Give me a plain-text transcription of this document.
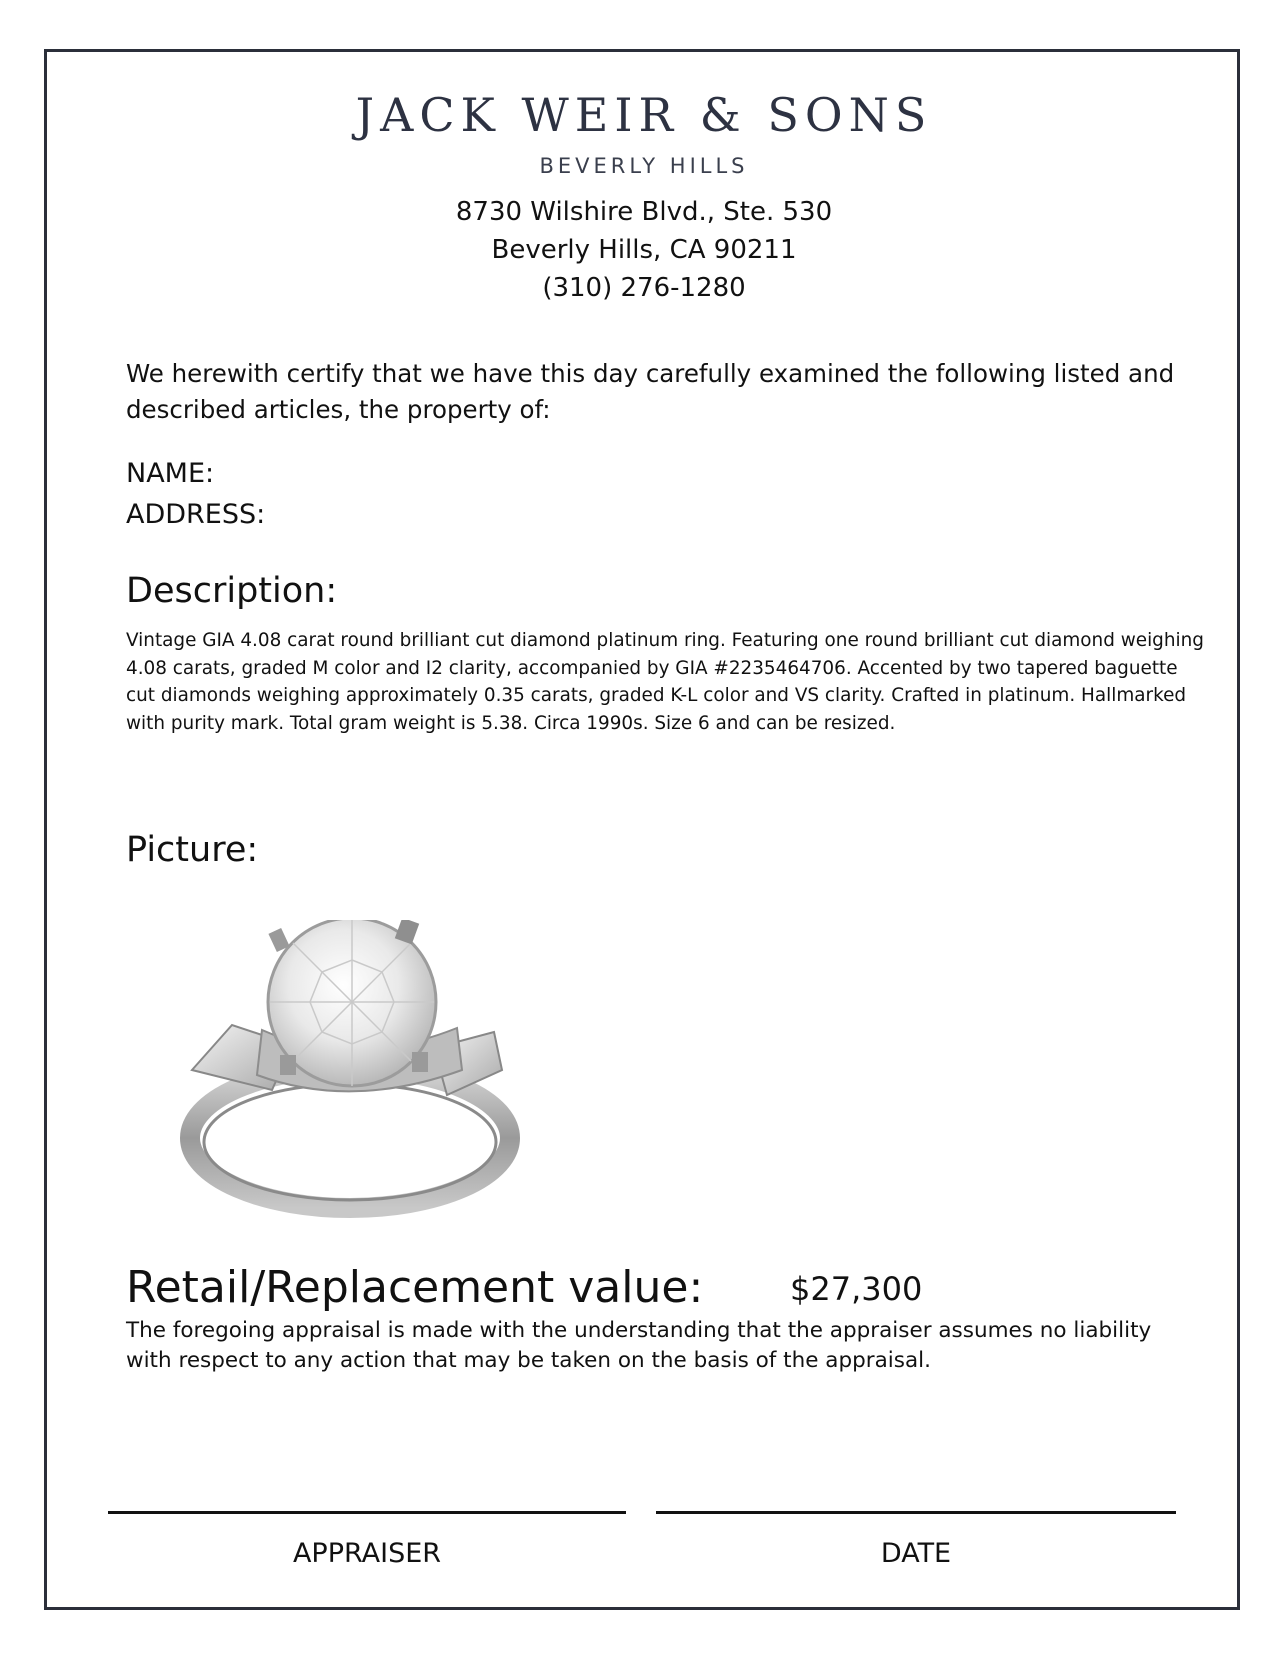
JACK WEIR & SONS
BEVERLY HILLS
8730 Wilshire Blvd., Ste. 530
Beverly Hills, CA 90211
(310) 276-1280
We herewith certify that we have this day carefully examined the following listed and described articles, the property of:
NAME:
ADDRESS:
Description:
Vintage GIA 4.08 carat round brilliant cut diamond platinum ring. Featuring one round brilliant cut diamond weighing 4.08 carats, graded M color and I2 clarity, accompanied by GIA #2235464706. Accented by two tapered baguette cut diamonds weighing approximately 0.35 carats, graded K-L color and VS clarity. Crafted in platinum. Hallmarked with purity mark. Total gram weight is 5.38. Circa 1990s. Size 6 and can be resized.
Picture:
Retail/Replacement value:	$27,300
The foregoing appraisal is made with the understanding that the appraiser assumes no liability with respect to any action that may be taken on the basis of the appraisal.
APPRAISER	DATE
